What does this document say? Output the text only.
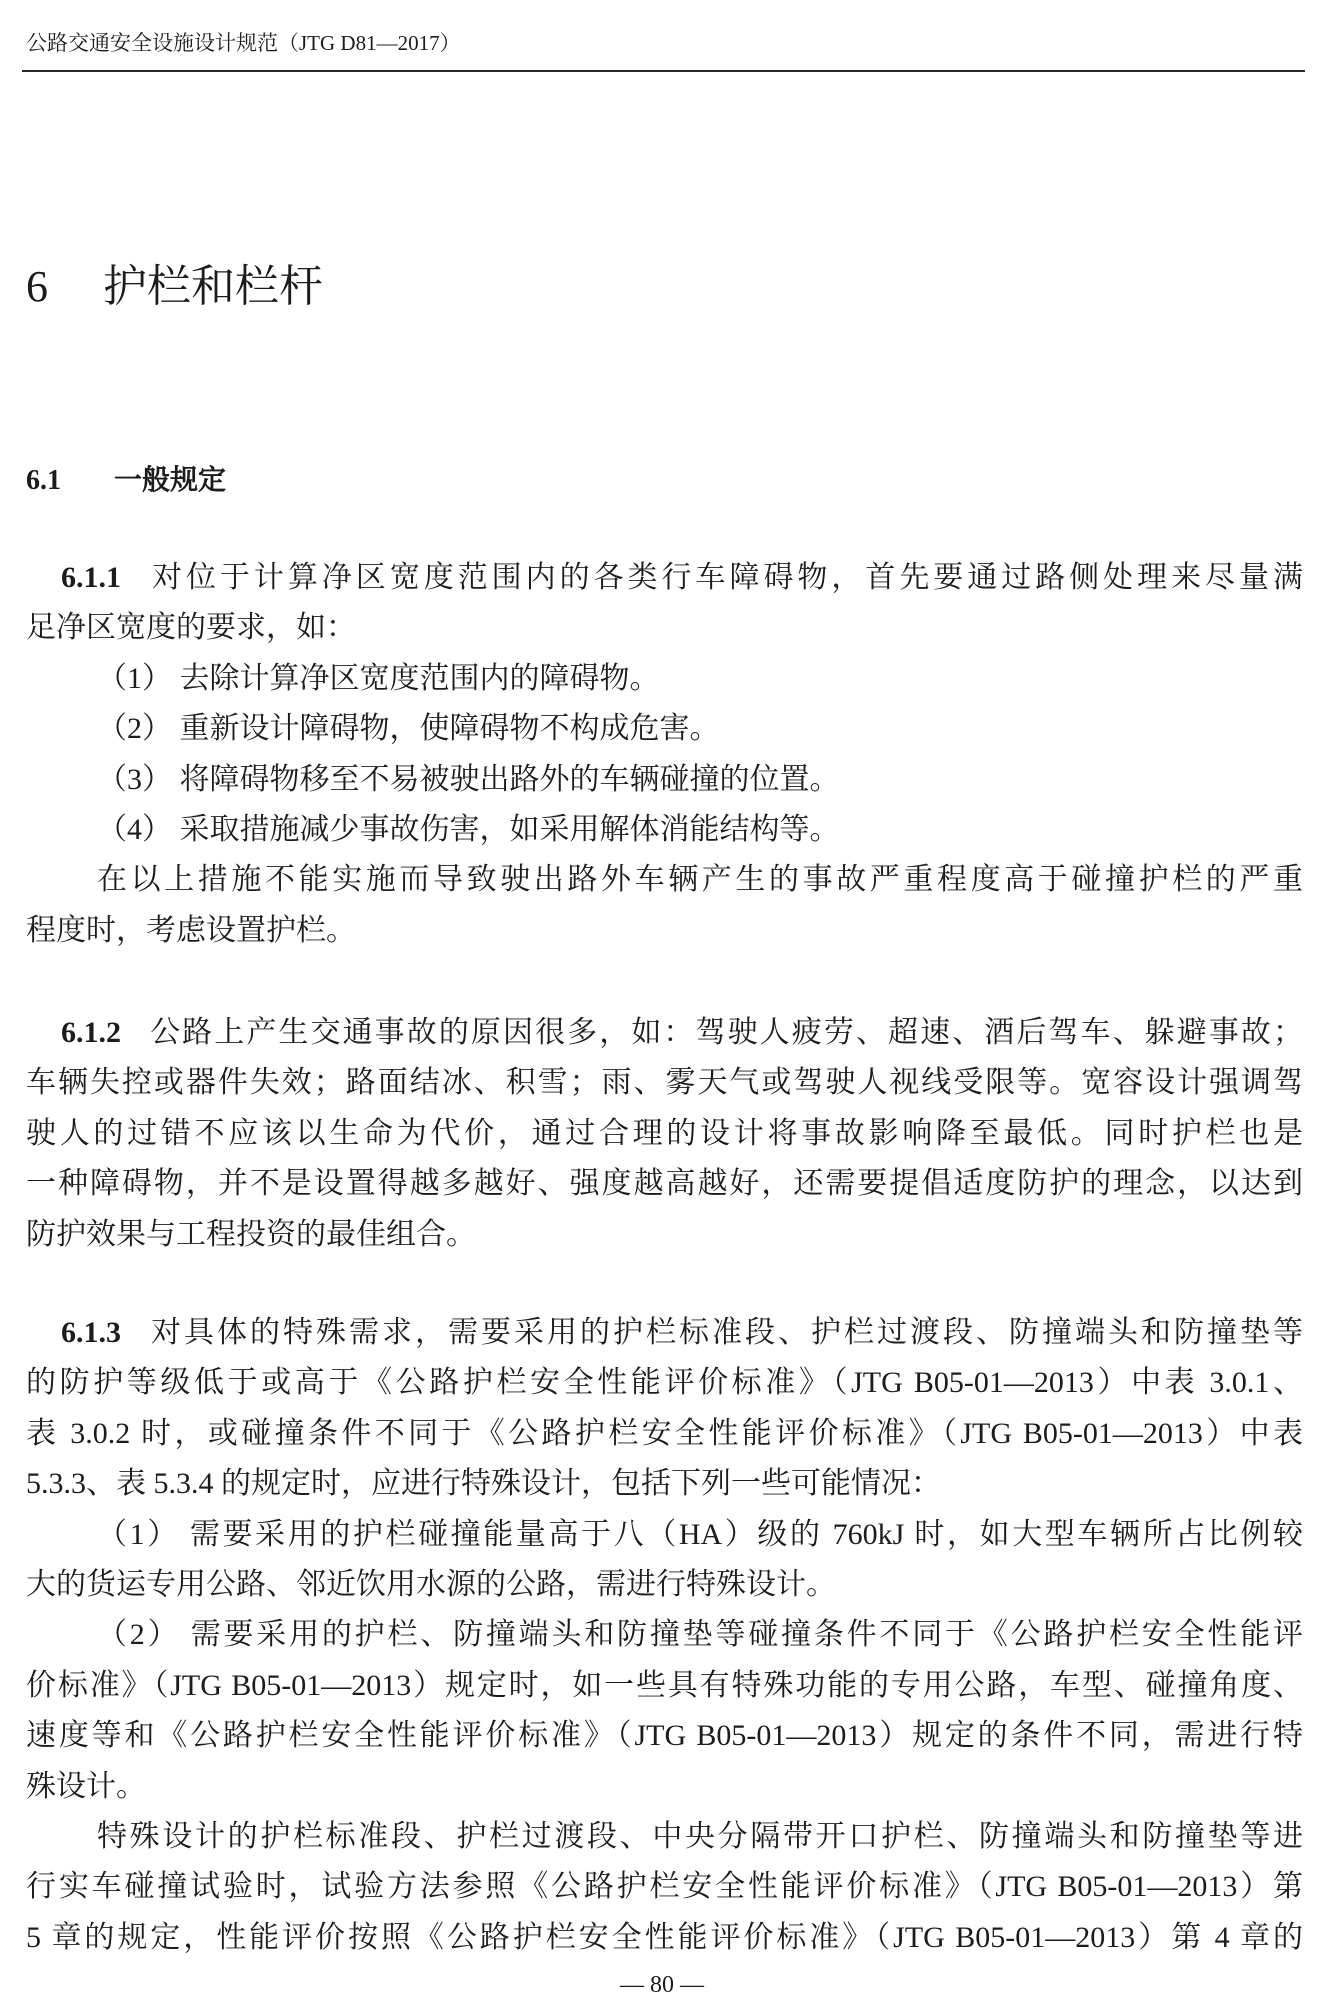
公路交通安全设施设计规范（JTG D81—2017）
6 护栏和栏杆
6.1 一般规定
6.1.1 对位于计算净区宽度范围内的各类行车障碍物，首先要通过路侧处理来尽量满
足净区宽度的要求，如：
（1） 去除计算净区宽度范围内的障碍物。
（2） 重新设计障碍物，使障碍物不构成危害。
（3） 将障碍物移至不易被驶出路外的车辆碰撞的位置。
（4） 采取措施减少事故伤害，如采用解体消能结构等。
在以上措施不能实施而导致驶出路外车辆产生的事故严重程度高于碰撞护栏的严重
程度时，考虑设置护栏。
6.1.2 公路上产生交通事故的原因很多，如：驾驶人疲劳、超速、酒后驾车、躲避事故；
车辆失控或器件失效；路面结冰、积雪；雨、雾天气或驾驶人视线受限等。宽容设计强调驾
驶人的过错不应该以生命为代价，通过合理的设计将事故影响降至最低。同时护栏也是
一种障碍物，并不是设置得越多越好、强度越高越好，还需要提倡适度防护的理念，以达到
防护效果与工程投资的最佳组合。
6.1.3 对具体的特殊需求，需要采用的护栏标准段、护栏过渡段、防撞端头和防撞垫等
的防护等级低于或高于《公路护栏安全性能评价标准》（JTG B05-01—2013）中表 3.0.1、
表 3.0.2 时，或碰撞条件不同于《公路护栏安全性能评价标准》（JTG B05-01—2013）中表
5.3.3、表 5.3.4 的规定时，应进行特殊设计，包括下列一些可能情况：
（1） 需要采用的护栏碰撞能量高于八（HA）级的 760kJ 时，如大型车辆所占比例较
大的货运专用公路、邻近饮用水源的公路，需进行特殊设计。
（2） 需要采用的护栏、防撞端头和防撞垫等碰撞条件不同于《公路护栏安全性能评
价标准》（JTG B05-01—2013）规定时，如一些具有特殊功能的专用公路，车型、碰撞角度、
速度等和《公路护栏安全性能评价标准》（JTG B05-01—2013）规定的条件不同，需进行特
殊设计。
特殊设计的护栏标准段、护栏过渡段、中央分隔带开口护栏、防撞端头和防撞垫等进
行实车碰撞试验时，试验方法参照《公路护栏安全性能评价标准》（JTG B05-01—2013）第
5 章的规定，性能评价按照《公路护栏安全性能评价标准》（JTG B05-01—2013）第 4 章的
— 80 —
